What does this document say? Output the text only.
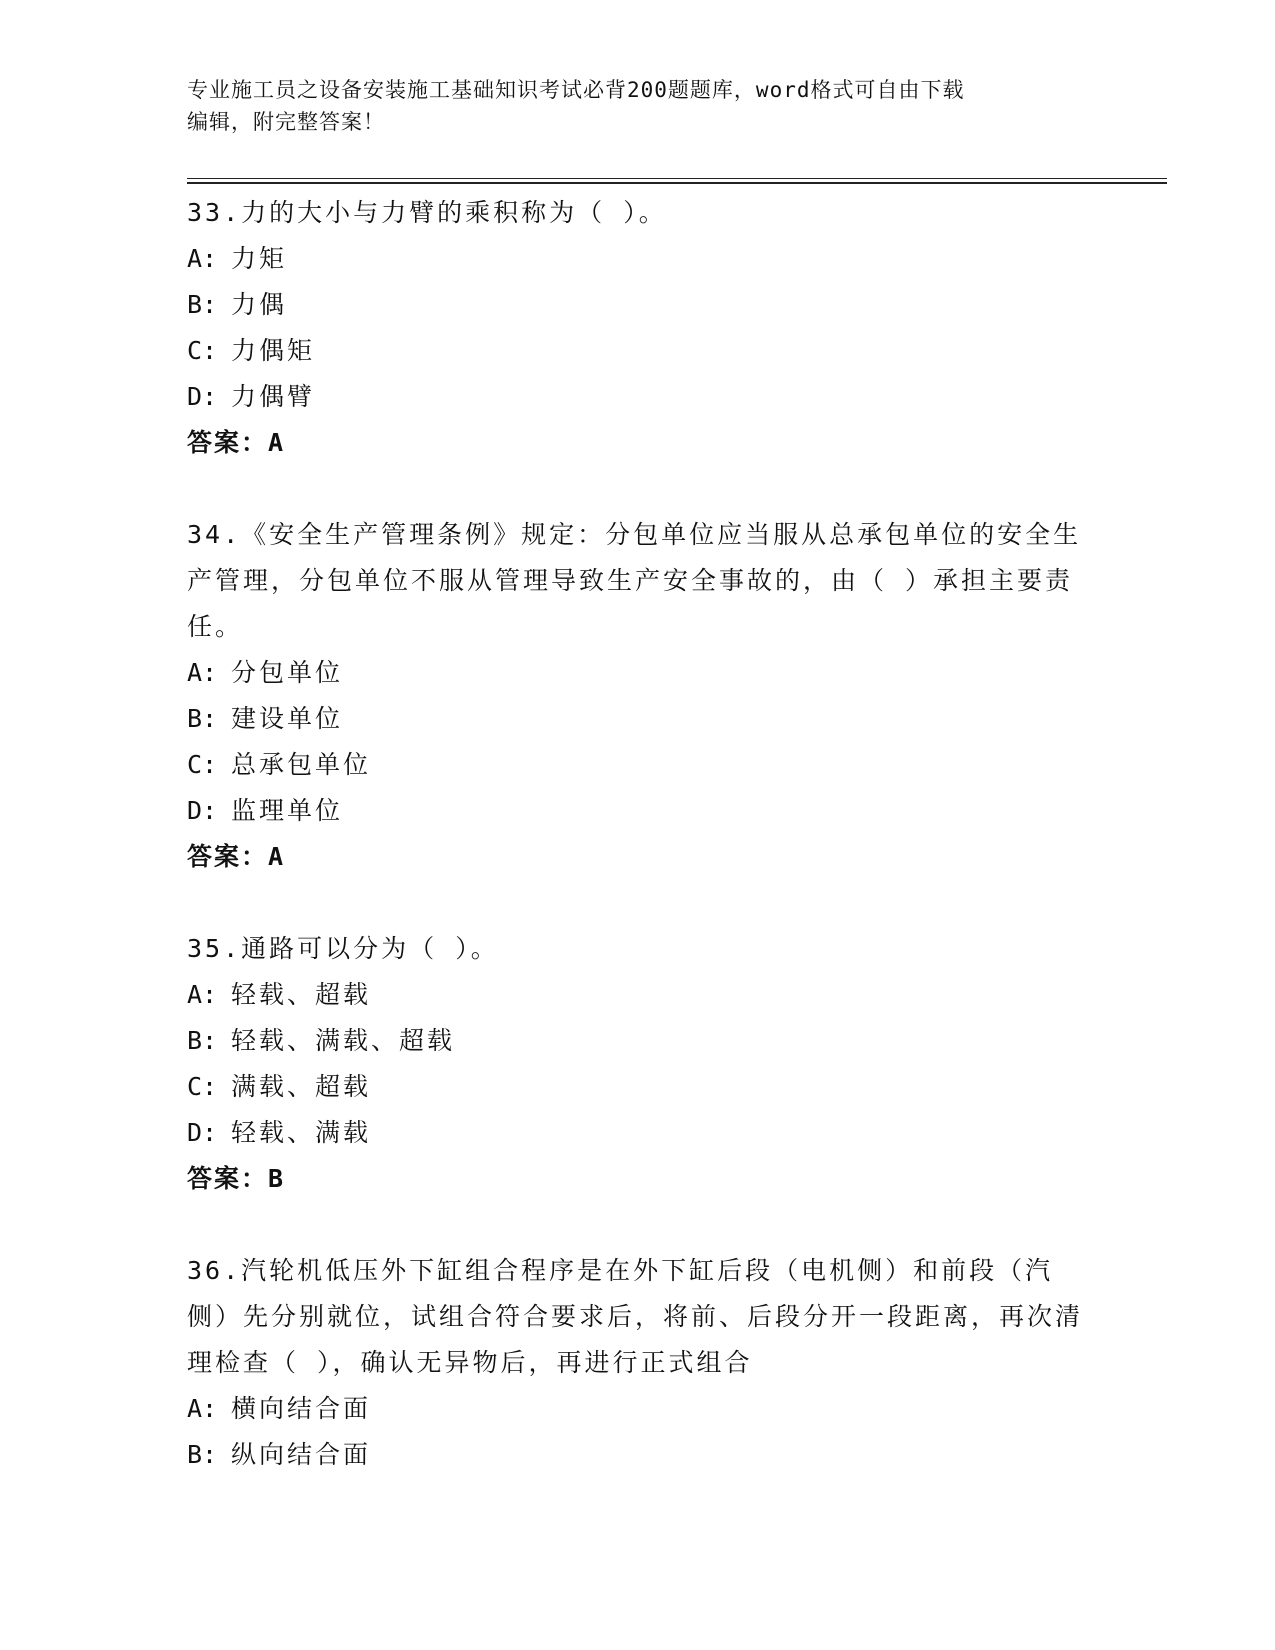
专业施工员之设备安装施工基础知识考试必背200题题库，word格式可自由下载
编辑，附完整答案！
33.力的大小与力臂的乘积称为（ ）。
A: 力矩
B: 力偶
C: 力偶矩
D: 力偶臂
答案：A
34.《安全生产管理条例》规定：分包单位应当服从总承包单位的安全生产管理，分包单位不服从管理导致生产安全事故的，由（ ）承担主要责任。
A: 分包单位
B: 建设单位
C: 总承包单位
D: 监理单位
答案：A
35.通路可以分为（ ）。
A: 轻载、超载
B: 轻载、满载、超载
C: 满载、超载
D: 轻载、满载
答案：B
36.汽轮机低压外下缸组合程序是在外下缸后段（电机侧）和前段（汽侧）先分别就位，试组合符合要求后，将前、后段分开一段距离，再次清理检查（ ），确认无异物后，再进行正式组合
A: 横向结合面
B: 纵向结合面
